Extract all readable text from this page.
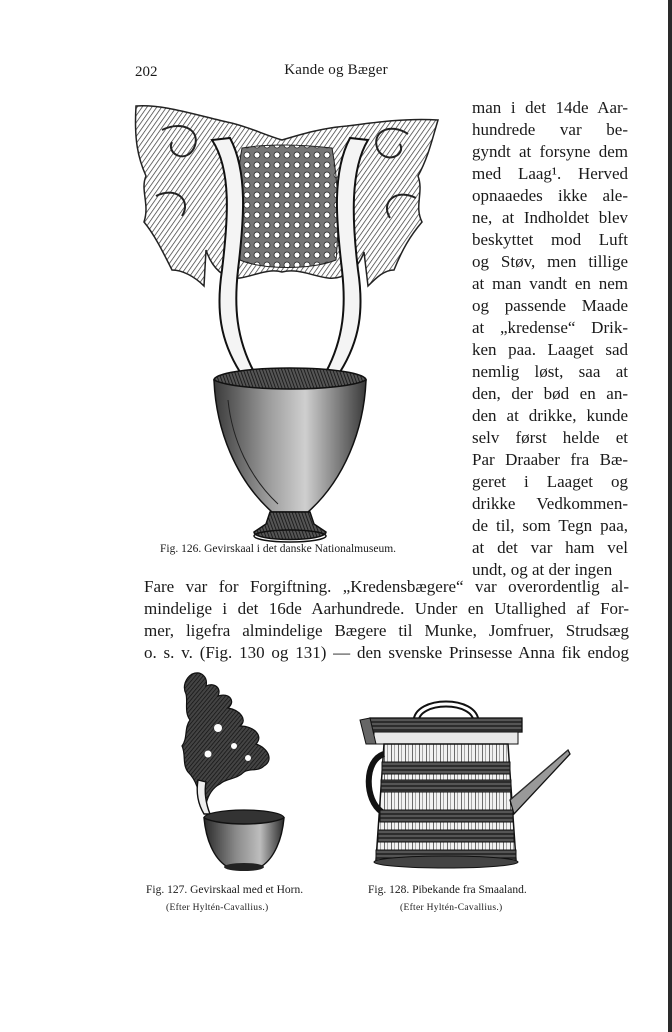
202	Kande og Bæger
Fig. 126. Gevirskaal i det danske Nationalmuseum.
man i det 14de Aar-
hundrede var be-
gyndt at forsyne dem
med Laag¹. Herved
opnaaedes ikke ale-
ne, at Indholdet blev
beskyttet mod Luft
og Støv, men tillige
at man vandt en nem
og passende Maade
at „kredense“ Drik-
ken paa. Laaget sad
nemlig løst, saa at
den, der bød en an-
den at drikke, kunde
selv først helde et
Par Draaber fra Bæ-
geret i Laaget og
drikke Vedkommen-
de til, som Tegn paa,
at det var ham vel
undt, og at der ingen
Fare var for Forgiftning. „Kredensbægere“ var overordentlig al-
mindelige i det 16de Aarhundrede. Under en Utallighed af For-
mer, ligefra almindelige Bægere til Munke, Jomfruer, Strudsæg
o. s. v. (Fig. 130 og 131) — den svenske Prinsesse Anna fik endog
Fig. 127. Gevirskaal med et Horn.
(Efter Hyltén-Cavallius.)
Fig. 128. Pibekande fra Smaaland.
(Efter Hyltén-Cavallius.)
